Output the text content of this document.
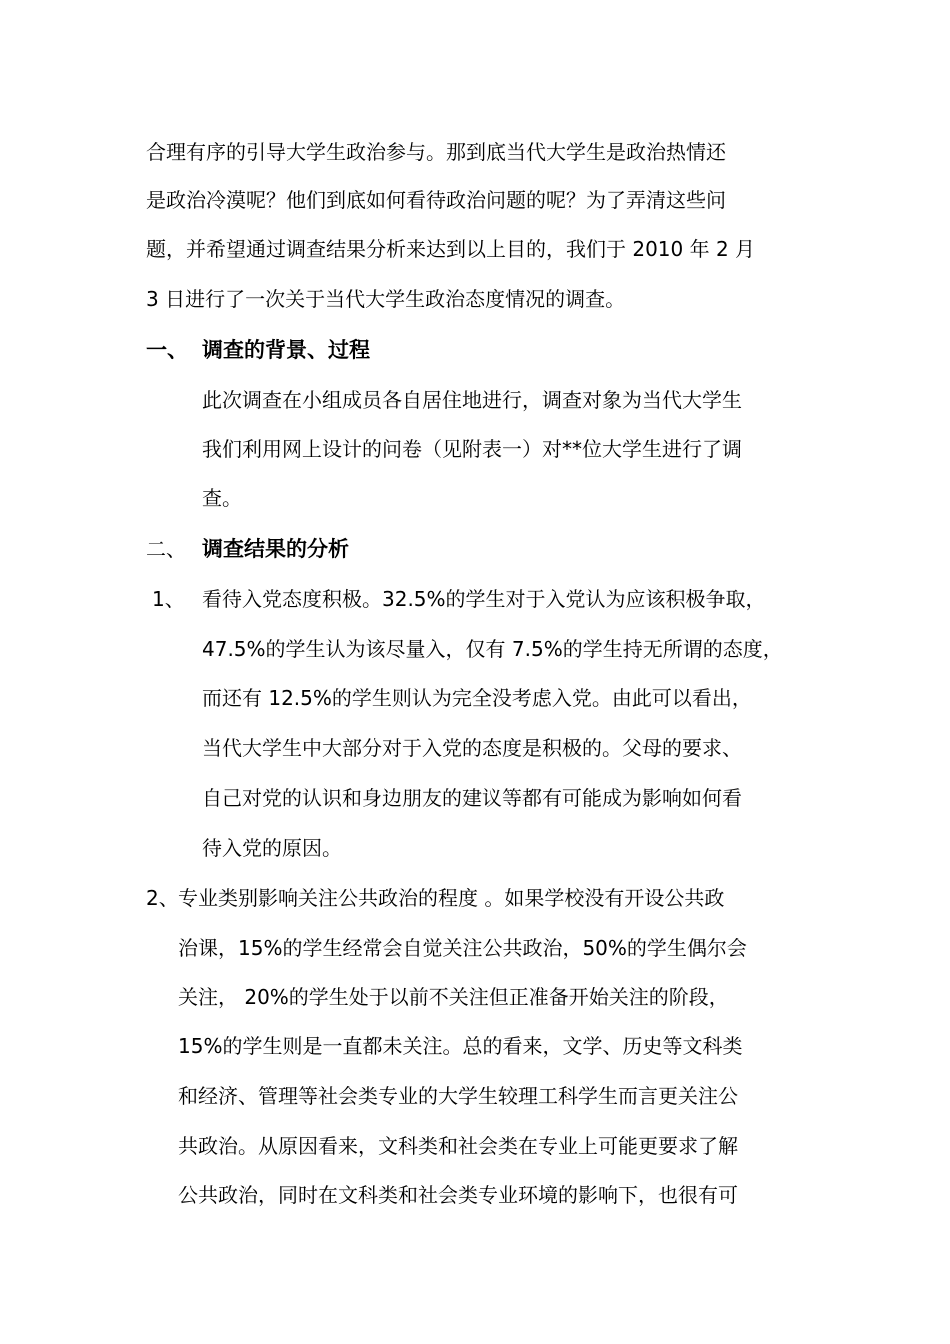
合理有序的引导大学生政治参与。那到底当代大学生是政治热情还
是政治冷漠呢？他们到底如何看待政治问题的呢？为了弄清这些问
题，并希望通过调查结果分析来达到以上目的，我们于 2010 年 2 月
3 日进行了一次关于当代大学生政治态度情况的调查。
一、 调查的背景、过程
此次调查在小组成员各自居住地进行，调查对象为当代大学生
我们利用网上设计的问卷（见附表一）对**位大学生进行了调
查。
二、 调查结果的分析
1、 看待入党态度积极。32.5%的学生对于入党认为应该积极争取，
47.5%的学生认为该尽量入，仅有 7.5%的学生持无所谓的态度，
而还有 12.5%的学生则认为完全没考虑入党。由此可以看出，
当代大学生中大部分对于入党的态度是积极的。父母的要求、
自己对党的认识和身边朋友的建议等都有可能成为影响如何看
待入党的原因。
2、 专业类别影响关注公共政治的程度 。如果学校没有开设公共政
治课，15%的学生经常会自觉关注公共政治，50%的学生偶尔会
关注， 20%的学生处于以前不关注但正准备开始关注的阶段，
15%的学生则是一直都未关注。总的看来，文学、历史等文科类
和经济、管理等社会类专业的大学生较理工科学生而言更关注公
共政治。从原因看来，文科类和社会类在专业上可能更要求了解
公共政治，同时在文科类和社会类专业环境的影响下，也很有可
